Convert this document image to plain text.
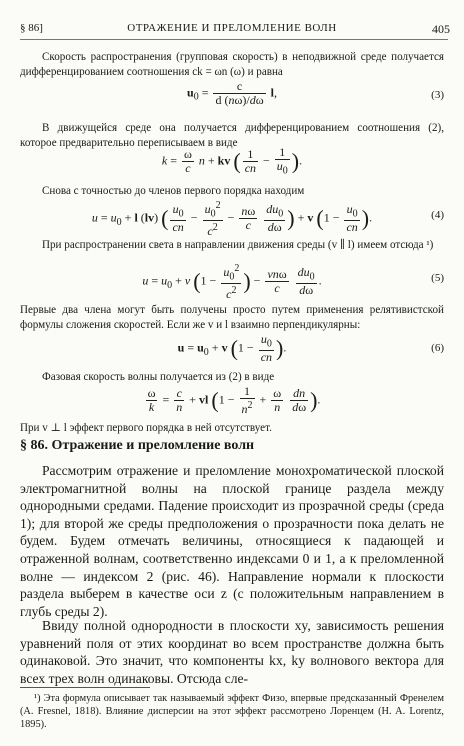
§ 86]	ОТРАЖЕНИЕ И ПРЕЛОМЛЕНИЕ ВОЛН	405
Скорость распространения (групповая скорость) в неподвижной среде получается дифференцированием соотношения ck = ωn (ω) и равна
$u_0 = \frac{c}{d (n\omega)/d\omega} l$,	(3)
В движущейся среде она получается дифференцированием соотношения (2), которое предварительно переписываем в виде
$k = \frac{\omega}{c}$ n + kv ( $\frac{1}{cn} - \frac{1}{u_0}$ ).
Снова с точностью до членов первого порядка находим
$u = u_0 + l$ (lv) ( $\frac{u_0}{cn} - \frac{u_0^2}{c^2} - \frac{n\omega}{c}$
$\frac{du_0}{d\omega}$ ) + v ($1 - \frac{u_0}{cn}$ ).	(4)
При распространении света в направлении движения среды (v ∥ l) имеем отсюда ¹)
$u = u_0 + v$ ($1 - \frac{u_0^2}{c^2}$ ) − $\frac{\text{vnω}}{c}$
$\frac{du_0}{d\omega}$ .	(5)
Первые два члена могут быть получены просто путем применения релятивистской формулы сложения скоростей. Если же v и l взаимно перпендикулярны:
$u = u_0 + v$ ($1 - \frac{u_0}{cn}$ ).	(6)
Фазовая скорость волны получается из (2) в виде
$\frac{\omega}{k} = \frac{c}{n}$ + vl ($1 - \frac{1}{n^2} + \frac{\omega}{n}$
$\frac{dn}{d\omega}$ ).
При v ⊥ l эффект первого порядка в ней отсутствует.
§ 86. Отражение и преломление волн
Рассмотрим отражение и преломление монохроматической плоской электромагнитной волны на плоской границе раздела между однородными средами. Падение происходит из прозрачной среды (среда 1); для второй же среды предположения о прозрачности пока делать не будем. Будем отмечать величины, относящиеся к падающей и отраженной волнам, соответственно индексами 0 и 1, а к преломленной волне — индексом 2 (рис. 46). Направление нормали к плоскости раздела выберем в качестве оси z (с положительным направлением в глубь среды 2).
Ввиду полной однородности в плоскости xy, зависимость решения уравнений поля от этих координат во всем пространстве должна быть одинаковой. Это значит, что компоненты kx, ky волнового вектора для всех трех волн одинаковы. Отсюда сле-
¹) Эта формула описывает так называемый эффект Физо, впервые предсказанный Френелем (A. Fresnel, 1818). Влияние дисперсии на этот эффект рассмотрено Лоренцем (H. A. Lorentz, 1895).
